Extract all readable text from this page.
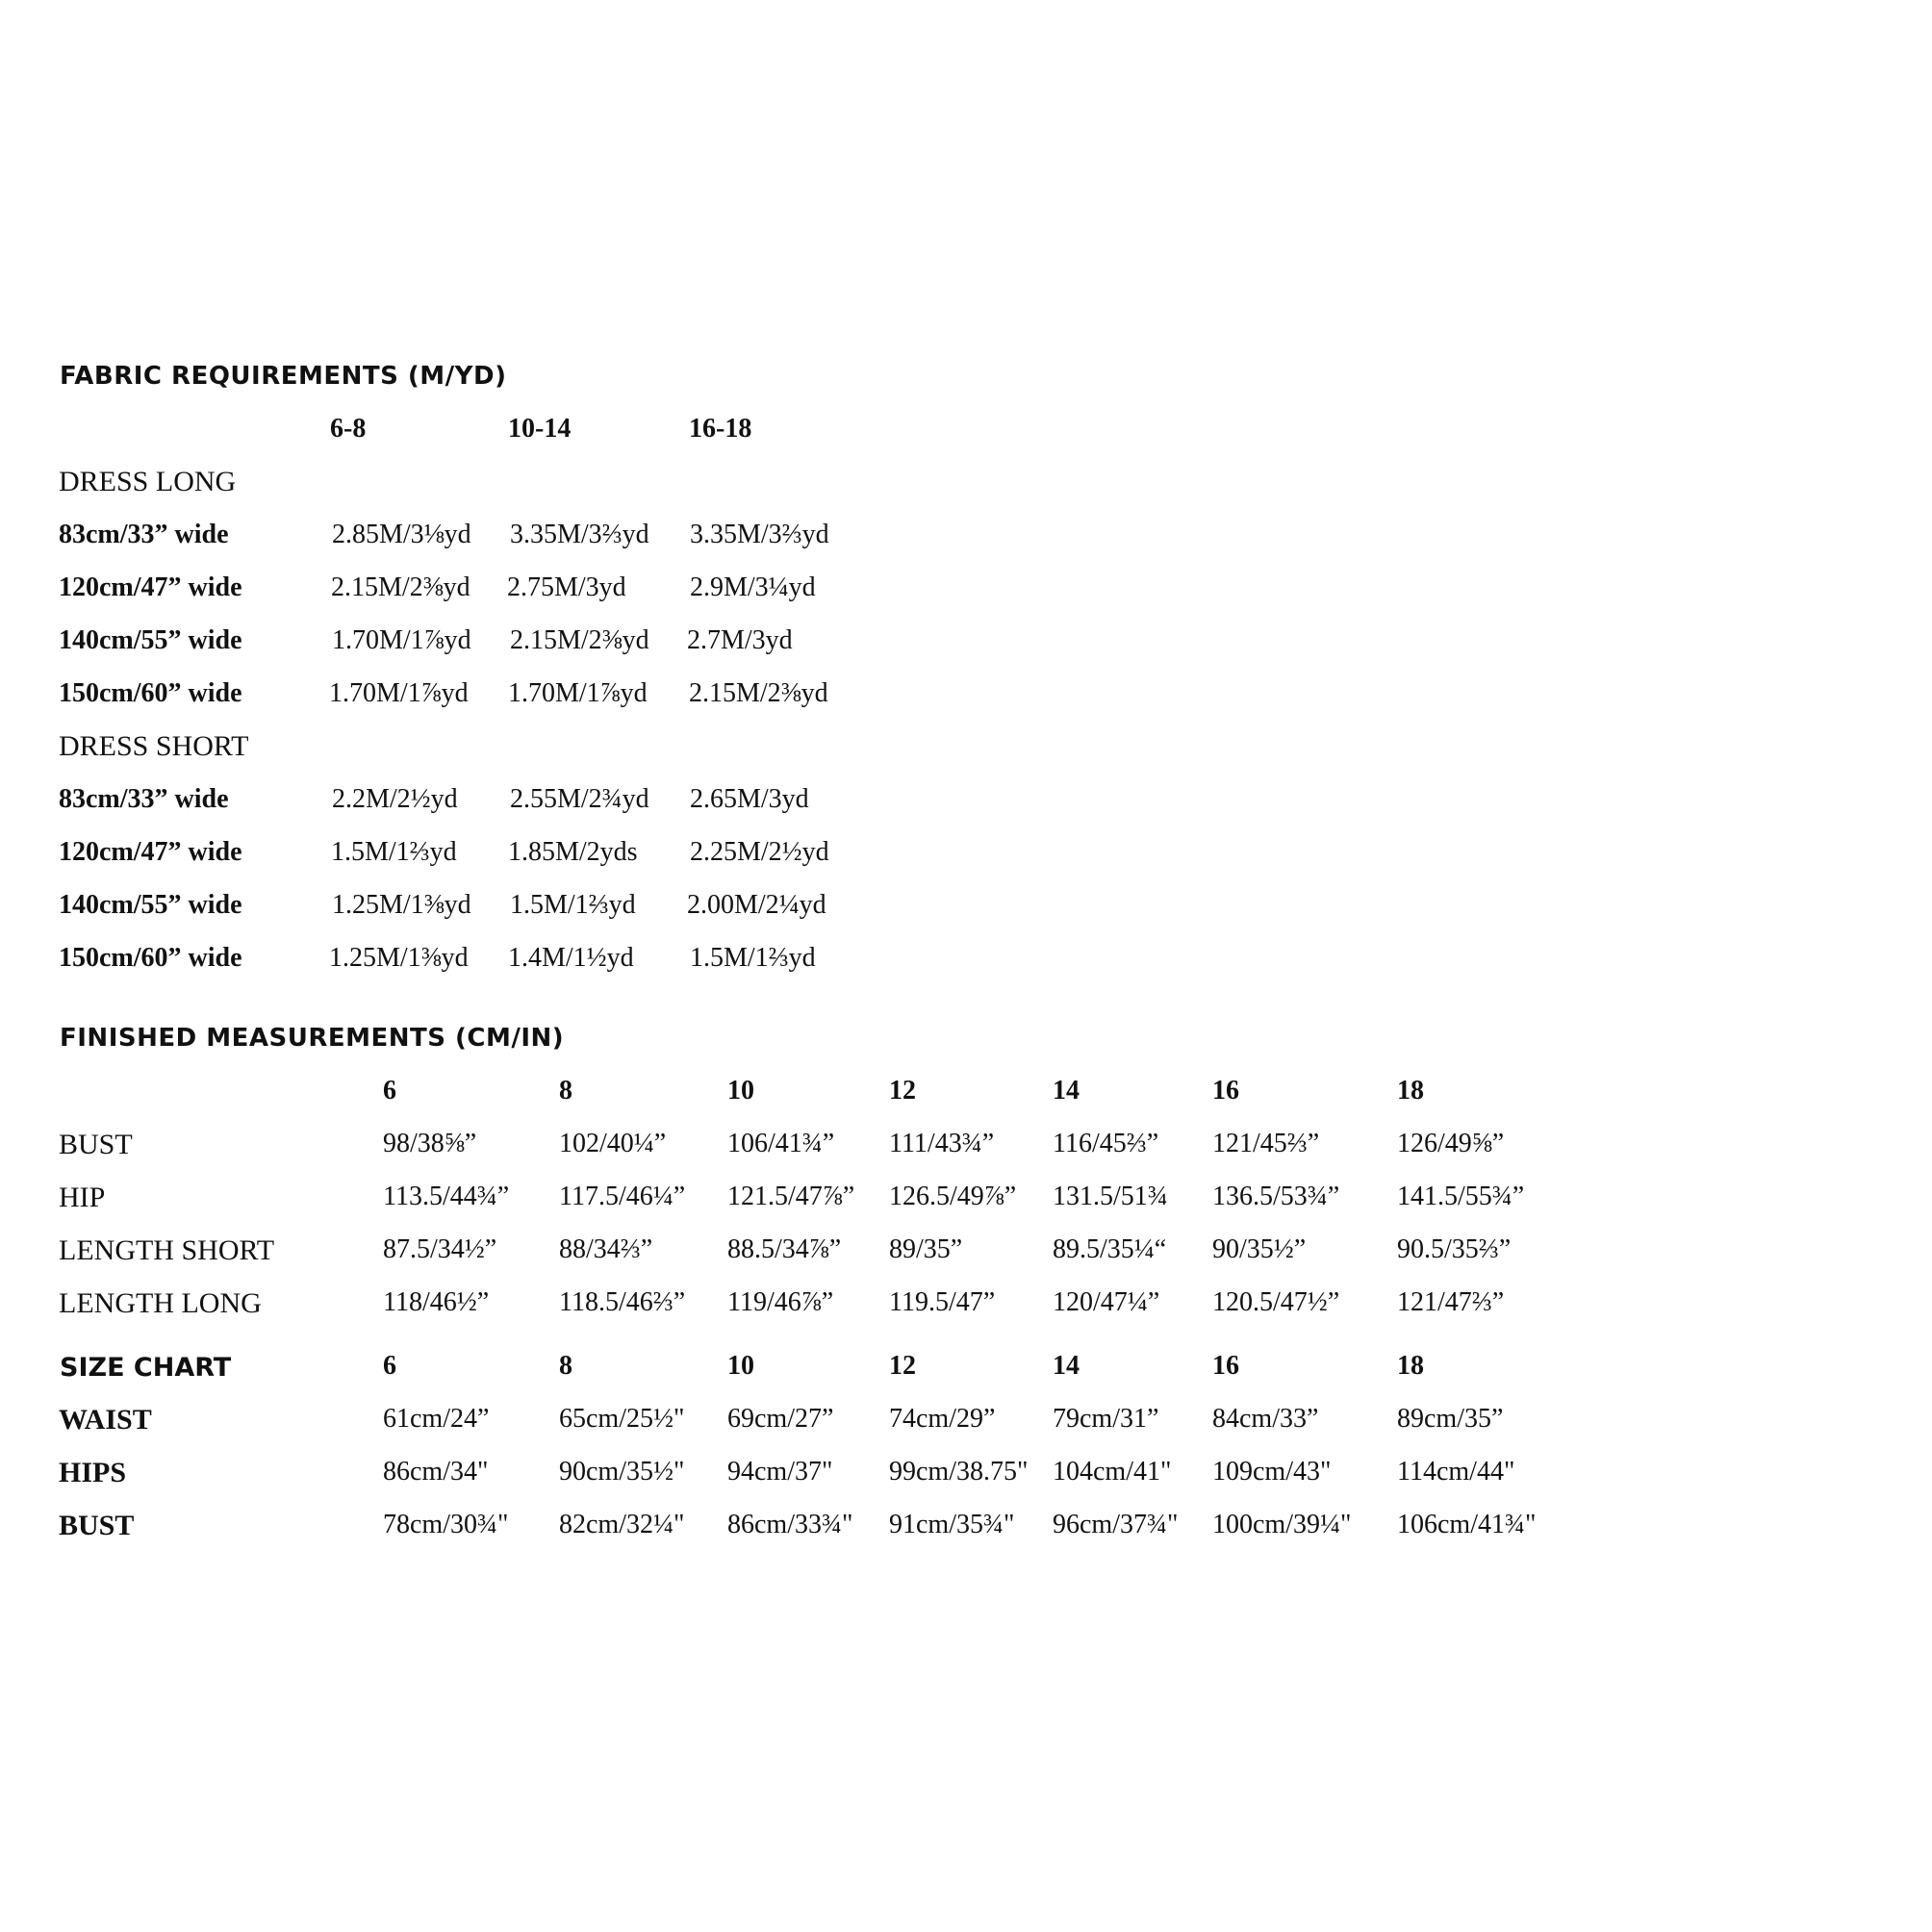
FABRIC REQUIREMENTS (M/YD)
6-8	10-14	16-18
DRESS LONG
83cm/33” wide	2.85M/3⅛yd 3.35M/3⅔yd 3.35M/3⅔yd
120cm/47” wide	2.15M/2⅜yd 2.75M/3yd 2.9M/3¼yd
140cm/55” wide	1.70M/1⅞yd 2.15M/2⅜yd 2.7M/3yd
150cm/60” wide	1.70M/1⅞yd 1.70M/1⅞yd 2.15M/2⅜yd
DRESS SHORT
83cm/33” wide	2.2M/2½yd 2.55M/2¾yd 2.65M/3yd
120cm/47” wide	1.5M/1⅔yd 1.85M/2yds 2.25M/2½yd
140cm/55” wide	1.25M/1⅜yd 1.5M/1⅔yd 2.00M/2¼yd
150cm/60” wide	1.25M/1⅜yd 1.4M/1½yd 1.5M/1⅔yd
FINISHED MEASUREMENTS (CM/IN)
6	8	10	12	14	16	18
BUST	98/38⅝”	102/40¼” 106/41¾” 111/43¾” 116/45⅔” 121/45⅔”	126/49⅝”
HIP	113.5/44¾” 117.5/46¼” 121.5/47⅞” 126.5/49⅞” 131.5/51¾ 136.5/53¾” 141.5/55¾”
LENGTH SHORT	87.5/34½” 88/34⅔”	88.5/34⅞” 89/35”	89.5/35¼“ 90/35½”	90.5/35⅔”
LENGTH LONG	118/46½”	118.5/46⅔” 119/46⅞” 119.5/47” 120/47¼” 120.5/47½” 121/47⅔”
SIZE CHART	6	8	10	12	14	16	18
WAIST	61cm/24”	65cm/25½" 69cm/27” 74cm/29” 79cm/31” 84cm/33”	89cm/35”
HIPS	86cm/34"	90cm/35½" 94cm/37" 99cm/38.75" 104cm/41" 109cm/43" 114cm/44"
BUST	78cm/30¾" 82cm/32¼" 86cm/33¾" 91cm/35¾" 96cm/37¾" 100cm/39¼" 106cm/41¾"
